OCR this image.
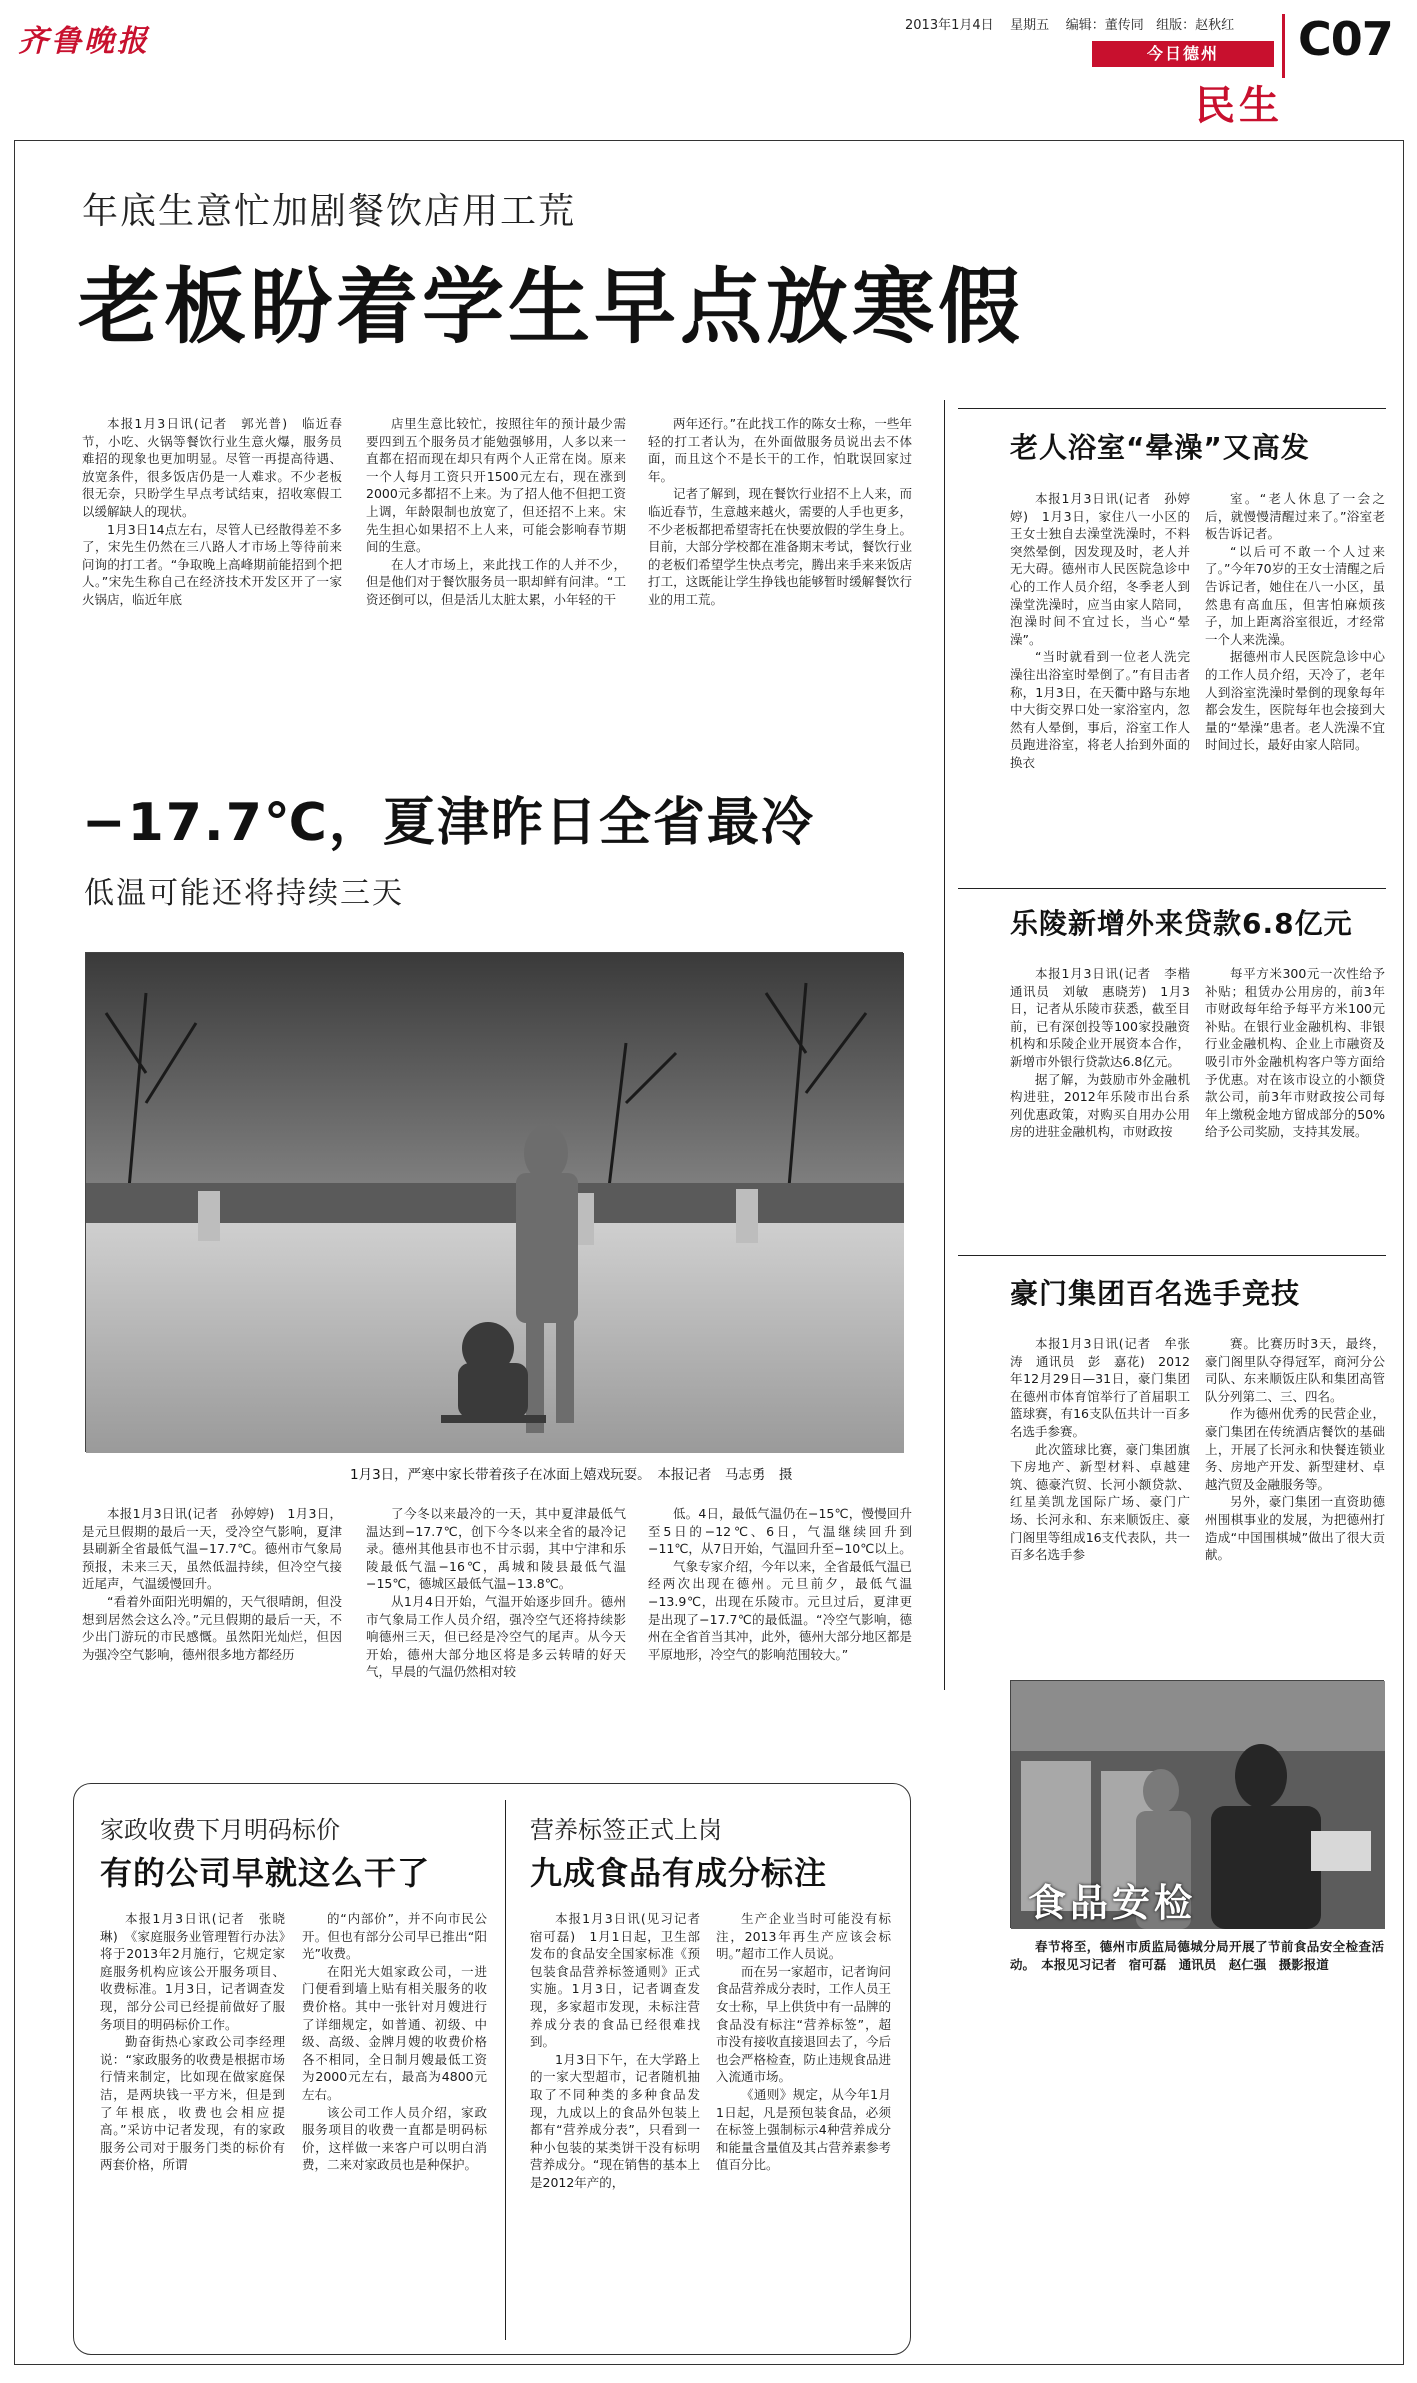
齐鲁晚报	2013年1月4日 星期五 编辑：董传同 组版：赵秋红 C07
今日德州
民生
年底生意忙加剧餐饮店用工荒
老板盼着学生早点放寒假

本报1月3日讯(记者　郭光普)　临近春节，小吃、火锅等餐饮行业生意火爆，服务员难招的现象也更加明显。尽管一再提高待遇、放宽条件，很多饭店仍是一人难求。不少老板很无奈，只盼学生早点考试结束，招收寒假工以缓解缺人的现状。

1月3日14点左右，尽管人已经散得差不多了，宋先生仍然在三八路人才市场上等待前来问询的打工者。“争取晚上高峰期前能招到个把人。”宋先生称自己在经济技术开发区开了一家火锅店，临近年底

店里生意比较忙，按照往年的预计最少需要四到五个服务员才能勉强够用，人多以来一直都在招而现在却只有两个人正常在岗。原来一个人每月工资只开1500元左右，现在涨到2000元多都招不上来。为了招人他不但把工资上调，年龄限制也放宽了，但还招不上来。宋先生担心如果招不上人来，可能会影响春节期间的生意。

在人才市场上，来此找工作的人并不少，但是他们对于餐饮服务员一职却鲜有问津。“工资还倒可以，但是活儿太脏太累，小年轻的干

两年还行。”在此找工作的陈女士称，一些年轻的打工者认为，在外面做服务员说出去不体面，而且这个不是长干的工作，怕耽误回家过年。

记者了解到，现在餐饮行业招不上人来，而临近春节，生意越来越火，需要的人手也更多，不少老板都把希望寄托在快要放假的学生身上。目前，大部分学校都在准备期末考试，餐饮行业的老板们希望学生快点考完，腾出来手来来饭店打工，这既能让学生挣钱也能够暂时缓解餐饮行业的用工荒。

−17.7℃，夏津昨日全省最冷
低温可能还将持续三天
1月3日，严寒中家长带着孩子在冰面上嬉戏玩耍。　本报记者　马志勇　摄

本报1月3日讯(记者　孙婷婷)　1月3日，是元旦假期的最后一天，受冷空气影响，夏津县刷新全省最低气温−17.7℃。德州市气象局预报，未来三天，虽然低温持续，但冷空气接近尾声，气温缓慢回升。

“看着外面阳光明媚的，天气很晴朗，但没想到居然会这么冷。”元旦假期的最后一天，不少出门游玩的市民感慨。虽然阳光灿烂，但因为强冷空气影响，德州很多地方都经历

了今冬以来最冷的一天，其中夏津最低气温达到−17.7℃，创下今冬以来全省的最冷记录。德州其他县市也不甘示弱，其中宁津和乐陵最低气温−16℃，禹城和陵县最低气温−15℃，德城区最低气温−13.8℃。

从1月4日开始，气温开始逐步回升。德州市气象局工作人员介绍，强冷空气还将持续影响德州三天，但已经是冷空气的尾声。从今天开始，德州大部分地区将是多云转晴的好天气，早晨的气温仍然相对较

低。4日，最低气温仍在−15℃，慢慢回升至5日的−12℃、6日，气温继续回升到−11℃，从7日开始，气温回升至−10℃以上。

气象专家介绍，今年以来，全省最低气温已经两次出现在德州。元旦前夕，最低气温−13.9℃，出现在乐陵市。元旦过后，夏津更是出现了−17.7℃的最低温。“冷空气影响，德州在全省首当其冲，此外，德州大部分地区都是平原地形，冷空气的影响范围较大。”

家政收费下月明码标价
有的公司早就这么干了

本报1月3日讯(记者　张晓琳)　《家庭服务业管理暂行办法》将于2013年2月施行，它规定家庭服务机构应该公开服务项目、收费标准。1月3日，记者调查发现，部分公司已经提前做好了服务项目的明码标价工作。

勤奋街热心家政公司李经理说：“家政服务的收费是根据市场行情来制定，比如现在做家庭保洁，是两块钱一平方米，但是到了年根底，收费也会相应提高。”采访中记者发现，有的家政服务公司对于服务门类的标价有两套价格，所谓

的“内部价”，并不向市民公开。但也有部分公司早已推出“阳光”收费。

在阳光大姐家政公司，一进门便看到墙上贴有相关服务的收费价格。其中一张针对月嫂进行了详细规定，如普通、初级、中级、高级、金牌月嫂的收费价格各不相同，全日制月嫂最低工资为2000元左右，最高为4800元左右。

该公司工作人员介绍，家政服务项目的收费一直都是明码标价，这样做一来客户可以明白消费，二来对家政员也是种保护。

营养标签正式上岗
九成食品有成分标注

本报1月3日讯(见习记者　宿可磊)　1月1日起，卫生部发布的食品安全国家标准《预包装食品营养标签通则》正式实施。1月3日，记者调查发现，多家超市发现，未标注营养成分表的食品已经很难找到。

1月3日下午，在大学路上的一家大型超市，记者随机抽取了不同种类的多种食品发现，九成以上的食品外包装上都有“营养成分表”，只看到一种小包装的某类饼干没有标明营养成分。“现在销售的基本上是2012年产的，

生产企业当时可能没有标注，2013年再生产应该会标明。”超市工作人员说。

而在另一家超市，记者询问食品营养成分表时，工作人员王女士称，早上供货中有一品牌的食品没有标注“营养标签”，超市没有接收直接退回去了，今后也会严格检查，防止违规食品进入流通市场。

《通则》规定，从今年1月1日起，凡是预包装食品，必须在标签上强制标示4种营养成分和能量含量值及其占营养素参考值百分比。

老人浴室“晕澡”又高发

本报1月3日讯(记者　孙婷婷)　1月3日，家住八一小区的王女士独自去澡堂洗澡时，不料突然晕倒，因发现及时，老人并无大碍。德州市人民医院急诊中心的工作人员介绍，冬季老人到澡堂洗澡时，应当由家人陪同，泡澡时间不宜过长，当心“晕澡”。

“当时就看到一位老人洗完澡往出浴室时晕倒了。”有目击者称，1月3日，在天衢中路与东地中大街交界口处一家浴室内，忽然有人晕倒，事后，浴室工作人员跑进浴室，将老人抬到外面的换衣

室。“老人休息了一会之后，就慢慢清醒过来了。”浴室老板告诉记者。

“以后可不敢一个人过来了。”今年70岁的王女士清醒之后告诉记者，她住在八一小区，虽然患有高血压，但害怕麻烦孩子，加上距离浴室很近，才经常一个人来洗澡。

据德州市人民医院急诊中心的工作人员介绍，天冷了，老年人到浴室洗澡时晕倒的现象每年都会发生，医院每年也会接到大量的“晕澡”患者。老人洗澡不宜时间过长，最好由家人陪同。

乐陵新增外来贷款6.8亿元

本报1月3日讯(记者　李楷　通讯员　刘敏　惠晓芳)　1月3日，记者从乐陵市获悉，截至目前，已有深创投等100家投融资机构和乐陵企业开展资本合作，新增市外银行贷款达6.8亿元。

据了解，为鼓励市外金融机构进驻，2012年乐陵市出台系列优惠政策，对购买自用办公用房的进驻金融机构，市财政按

每平方米300元一次性给予补贴；租赁办公用房的，前3年市财政每年给予每平方米100元补贴。在银行业金融机构、非银行业金融机构、企业上市融资及吸引市外金融机构客户等方面给予优惠。对在该市设立的小额贷款公司，前3年市财政按公司每年上缴税金地方留成部分的50%给予公司奖励，支持其发展。

豪门集团百名选手竞技

本报1月3日讯(记者　牟张涛　通讯员　彭　嘉花)　2012年12月29日—31日，豪门集团在德州市体育馆举行了首届职工篮球赛，有16支队伍共计一百多名选手参赛。

此次篮球比赛，豪门集团旗下房地产、新型材料、卓越建筑、德豪汽贸、长河小额贷款、红星美凯龙国际广场、豪门广场、长河永和、东来顺饭庄、豪门阁里等组成16支代表队，共一百多名选手参

赛。比赛历时3天，最终，豪门阁里队夺得冠军，商河分公司队、东来顺饭庄队和集团高管队分列第二、三、四名。

作为德州优秀的民营企业，豪门集团在传统酒店餐饮的基础上，开展了长河永和快餐连锁业务、房地产开发、新型建材、卓越汽贸及金融服务等。

另外，豪门集团一直资助德州围棋事业的发展，为把德州打造成“中国围棋城”做出了很大贡献。

食品安检

春节将至，德州市质监局德城分局开展了节前食品安全检查活动。　本报见习记者　宿可磊　通讯员　赵仁强　摄影报道
